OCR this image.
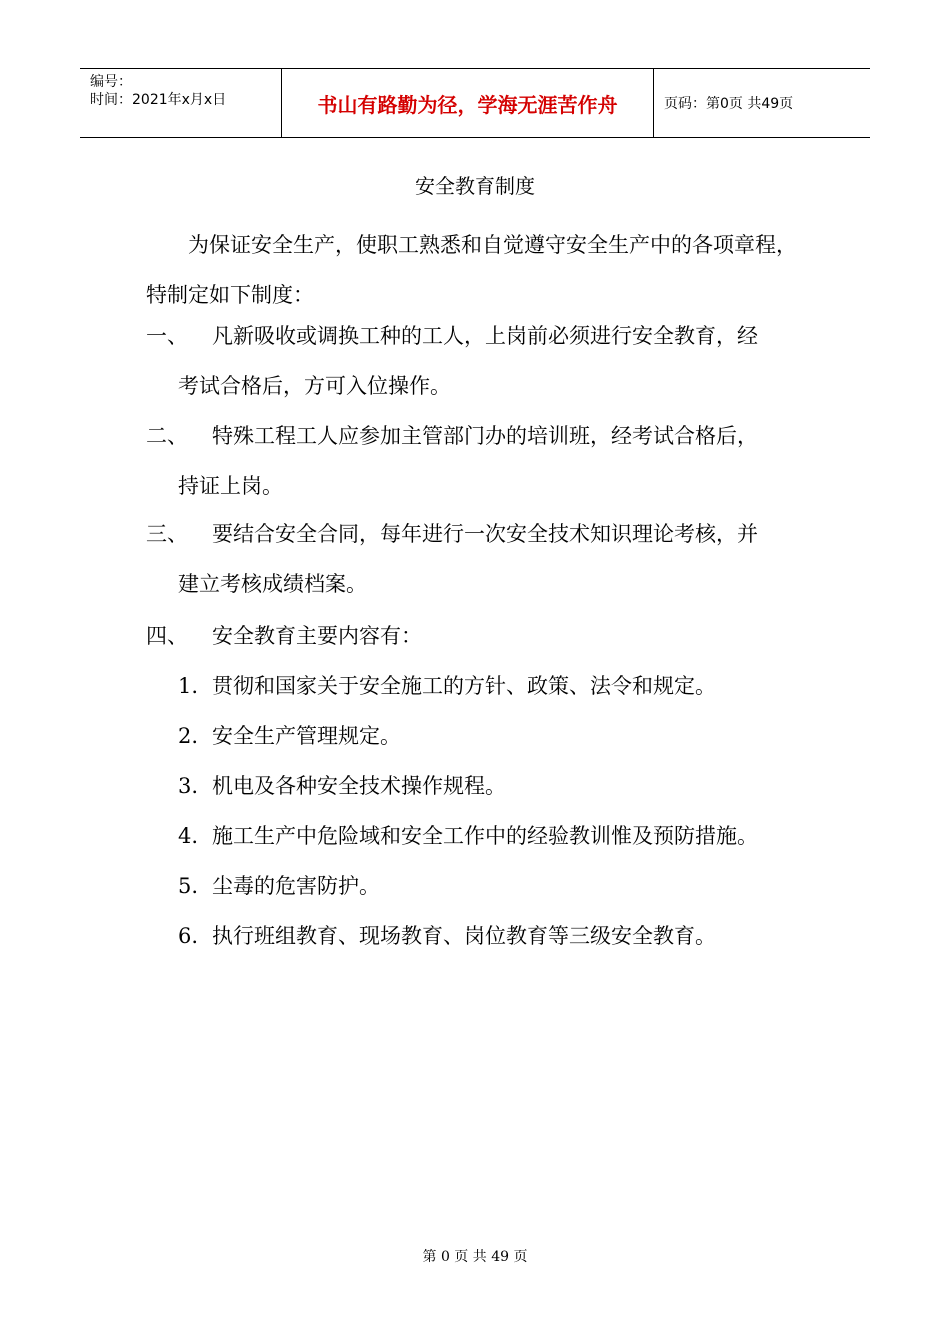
编号：
时间：2021年x月x日	书山有路勤为径，学海无涯苦作舟	页码：第0页 共49页
安全教育制度

为保证安全生产，使职工熟悉和自觉遵守安全生产中的各项章程，特制定如下制度：

一、 凡新吸收或调换工种的工人，上岗前必须进行安全教育，经
考试合格后，方可入位操作。
二、 特殊工程工人应参加主管部门办的培训班，经考试合格后，
持证上岗。
三、 要结合安全合同，每年进行一次安全技术知识理论考核，并
建立考核成绩档案。
四、 安全教育主要内容有：
1. 贯彻和国家关于安全施工的方针、政策、法令和规定。
2. 安全生产管理规定。
3. 机电及各种安全技术操作规程。
4. 施工生产中危险域和安全工作中的经验教训惟及预防措施。
5. 尘毒的危害防护。
6. 执行班组教育、现场教育、岗位教育等三级安全教育。
第 0 页 共 49 页
